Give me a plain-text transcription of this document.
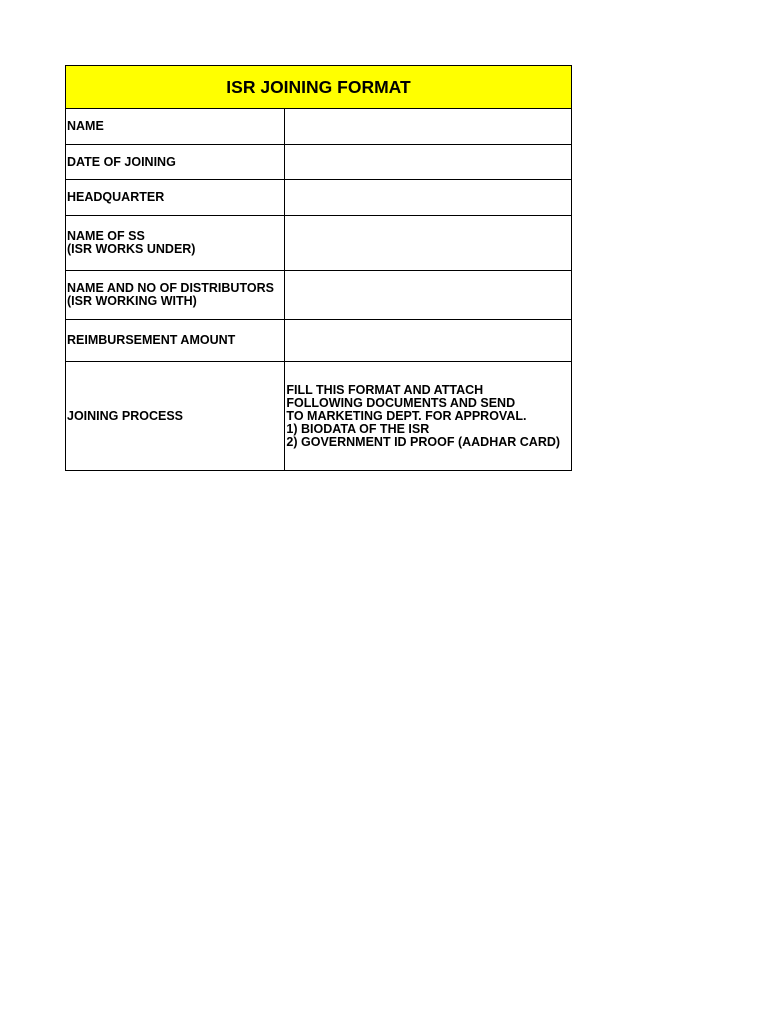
ISR JOINING FORMAT	
NAME	
DATE OF JOINING	
HEADQUARTER	
NAME OF SS
(ISR WORKS UNDER)	
NAME AND NO OF DISTRIBUTORS
(ISR WORKING WITH)	
REIMBURSEMENT AMOUNT	
JOINING PROCESS	FILL THIS FORMAT AND ATTACH
FOLLOWING DOCUMENTS AND SEND
TO MARKETING DEPT. FOR APPROVAL.
1) BIODATA OF THE ISR
2) GOVERNMENT ID PROOF (AADHAR CARD)
